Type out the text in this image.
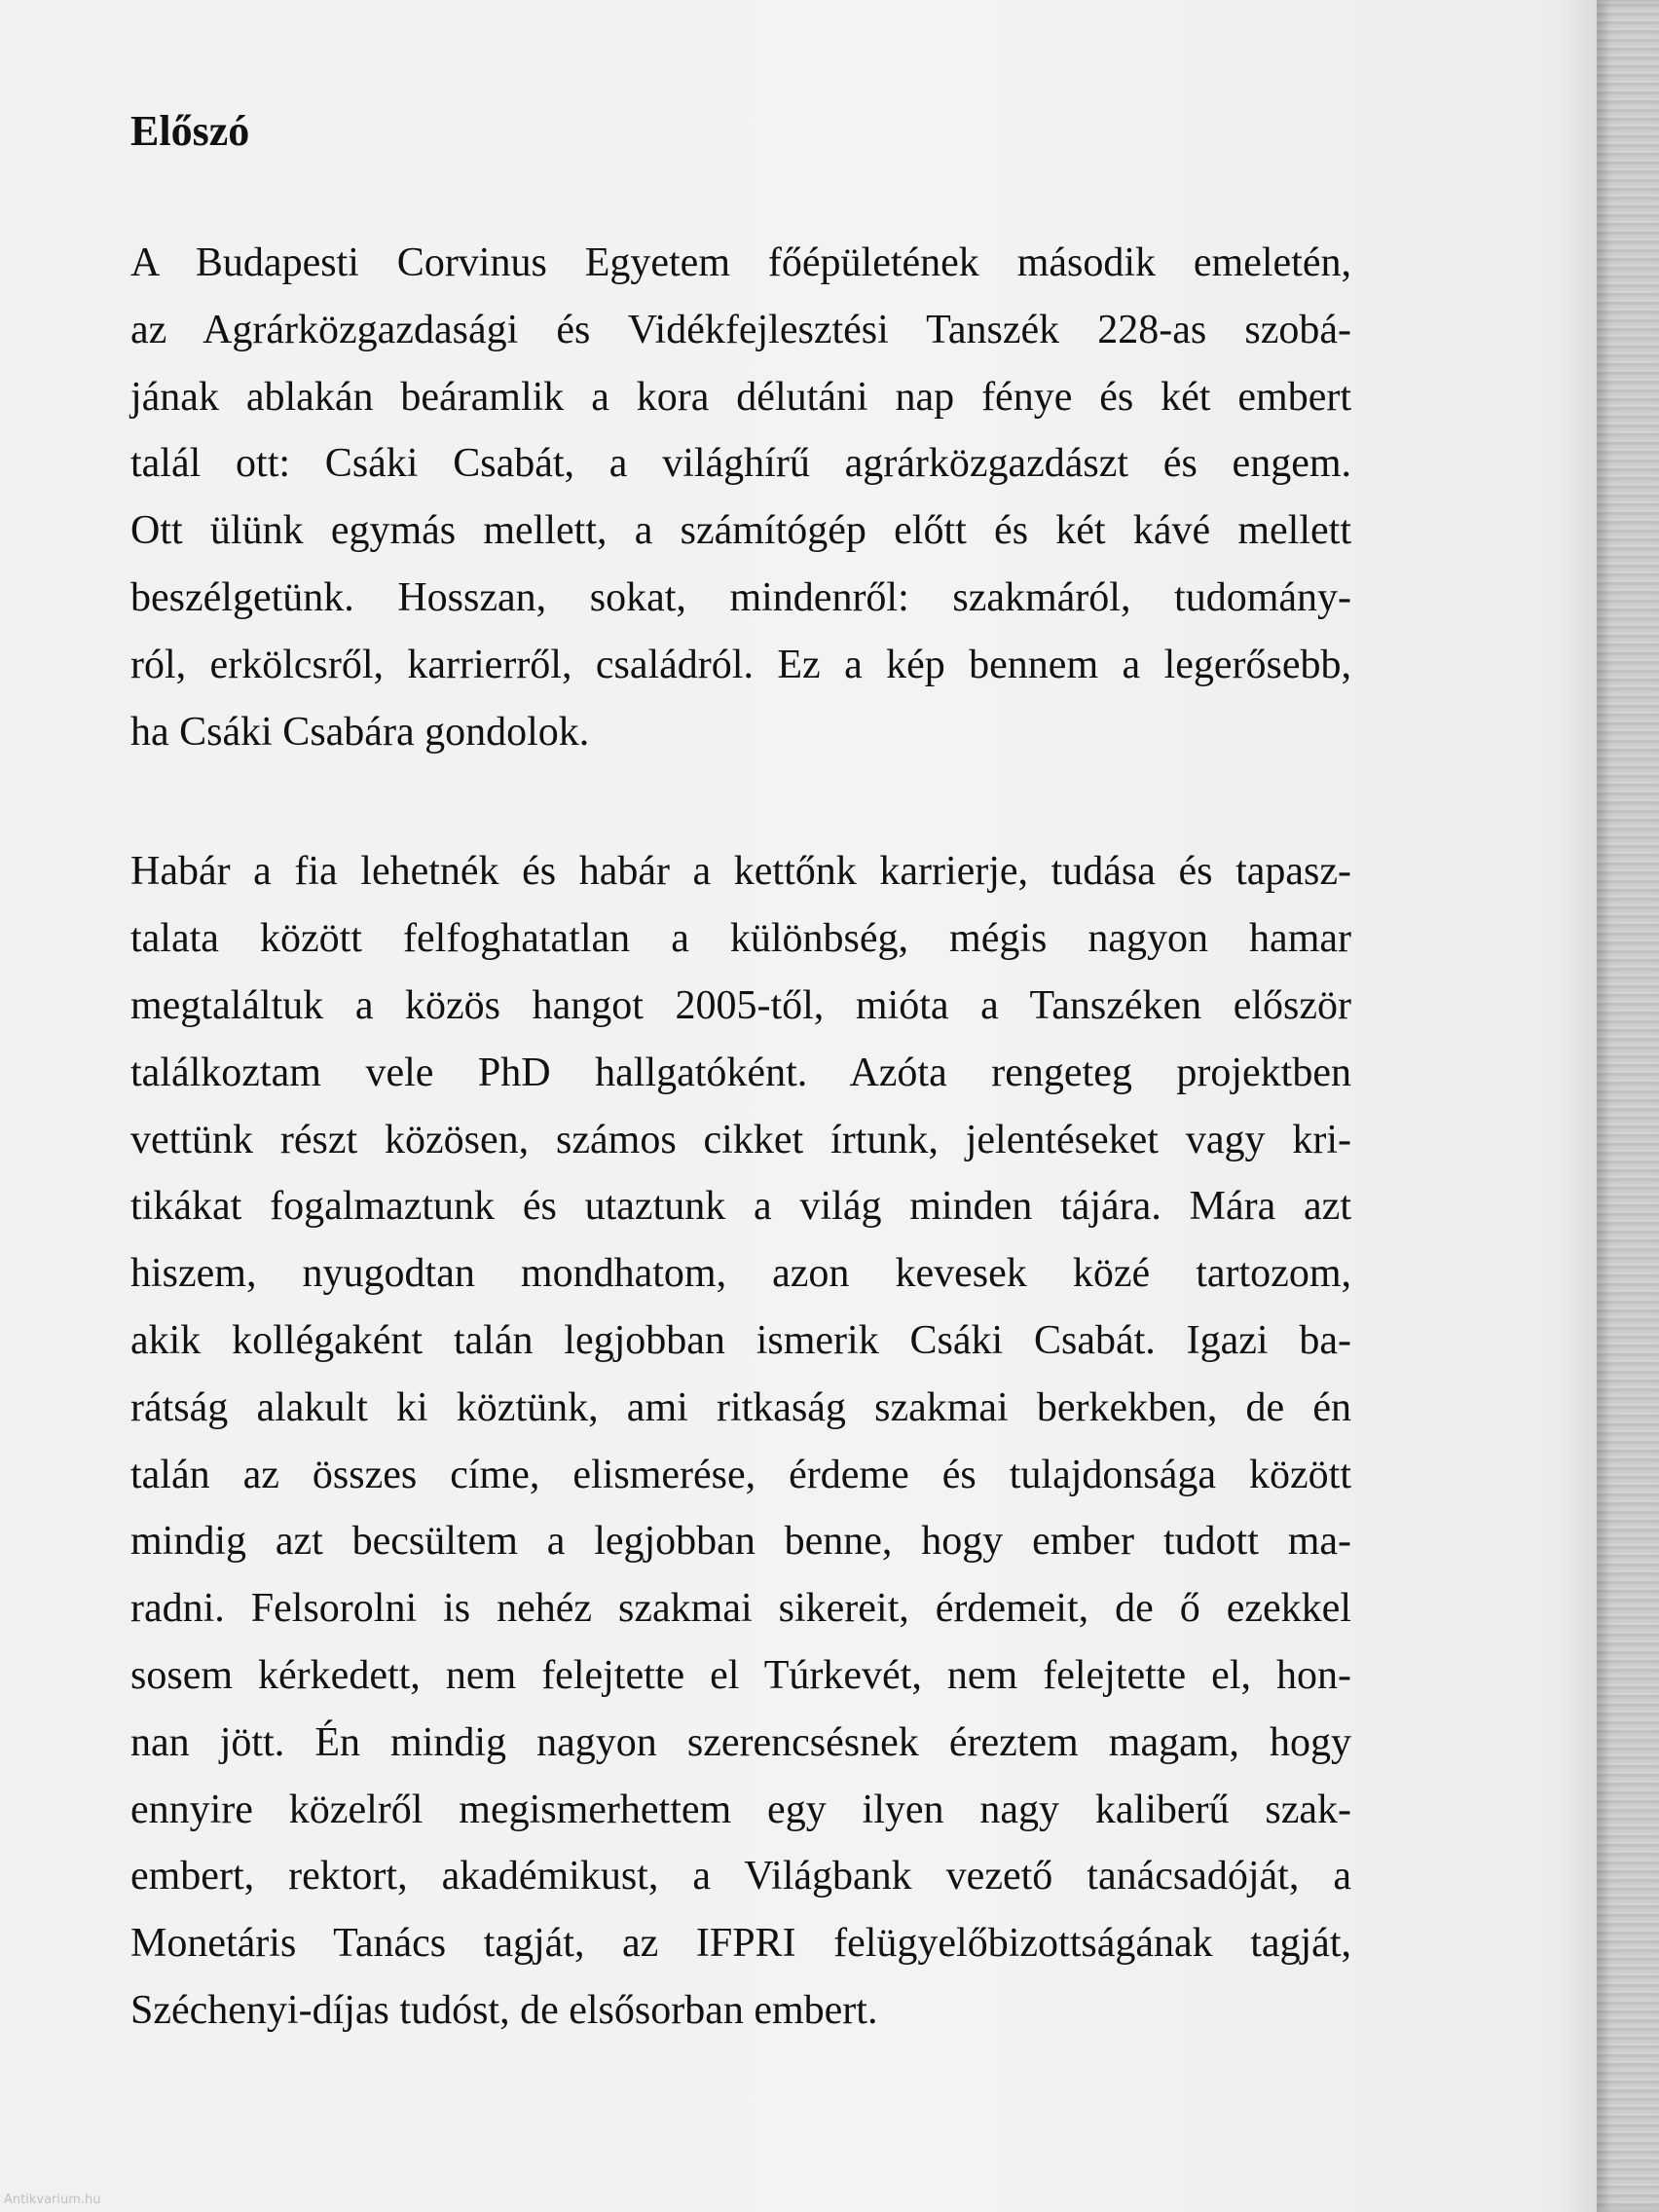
Előszó
A Budapesti Corvinus Egyetem főépületének második emeletén,
az Agrárközgazdasági és Vidékfejlesztési Tanszék 228-as szobá-
jának ablakán beáramlik a kora délutáni nap fénye és két embert
talál ott: Csáki Csabát, a világhírű agrárközgazdászt és engem.
Ott ülünk egymás mellett, a számítógép előtt és két kávé mellett
beszélgetünk. Hosszan, sokat, mindenről: szakmáról, tudomány-
ról, erkölcsről, karrierről, családról. Ez a kép bennem a legerősebb,
ha Csáki Csabára gondolok.
Habár a fia lehetnék és habár a kettőnk karrierje, tudása és tapasz-
talata között felfoghatatlan a különbség, mégis nagyon hamar
megtaláltuk a közös hangot 2005-től, mióta a Tanszéken először
találkoztam vele PhD hallgatóként. Azóta rengeteg projektben
vettünk részt közösen, számos cikket írtunk, jelentéseket vagy kri-
tikákat fogalmaztunk és utaztunk a világ minden tájára. Mára azt
hiszem, nyugodtan mondhatom, azon kevesek közé tartozom,
akik kollégaként talán legjobban ismerik Csáki Csabát. Igazi ba-
rátság alakult ki köztünk, ami ritkaság szakmai berkekben, de én
talán az összes címe, elismerése, érdeme és tulajdonsága között
mindig azt becsültem a legjobban benne, hogy ember tudott ma-
radni. Felsorolni is nehéz szakmai sikereit, érdemeit, de ő ezekkel
sosem kérkedett, nem felejtette el Túrkevét, nem felejtette el, hon-
nan jött. Én mindig nagyon szerencsésnek éreztem magam, hogy
ennyire közelről megismerhettem egy ilyen nagy kaliberű szak-
embert, rektort, akadémikust, a Világbank vezető tanácsadóját, a
Monetáris Tanács tagját, az IFPRI felügyelőbizottságának tagját,
Széchenyi-díjas tudóst, de elsősorban embert.
Antikvarium.hu
